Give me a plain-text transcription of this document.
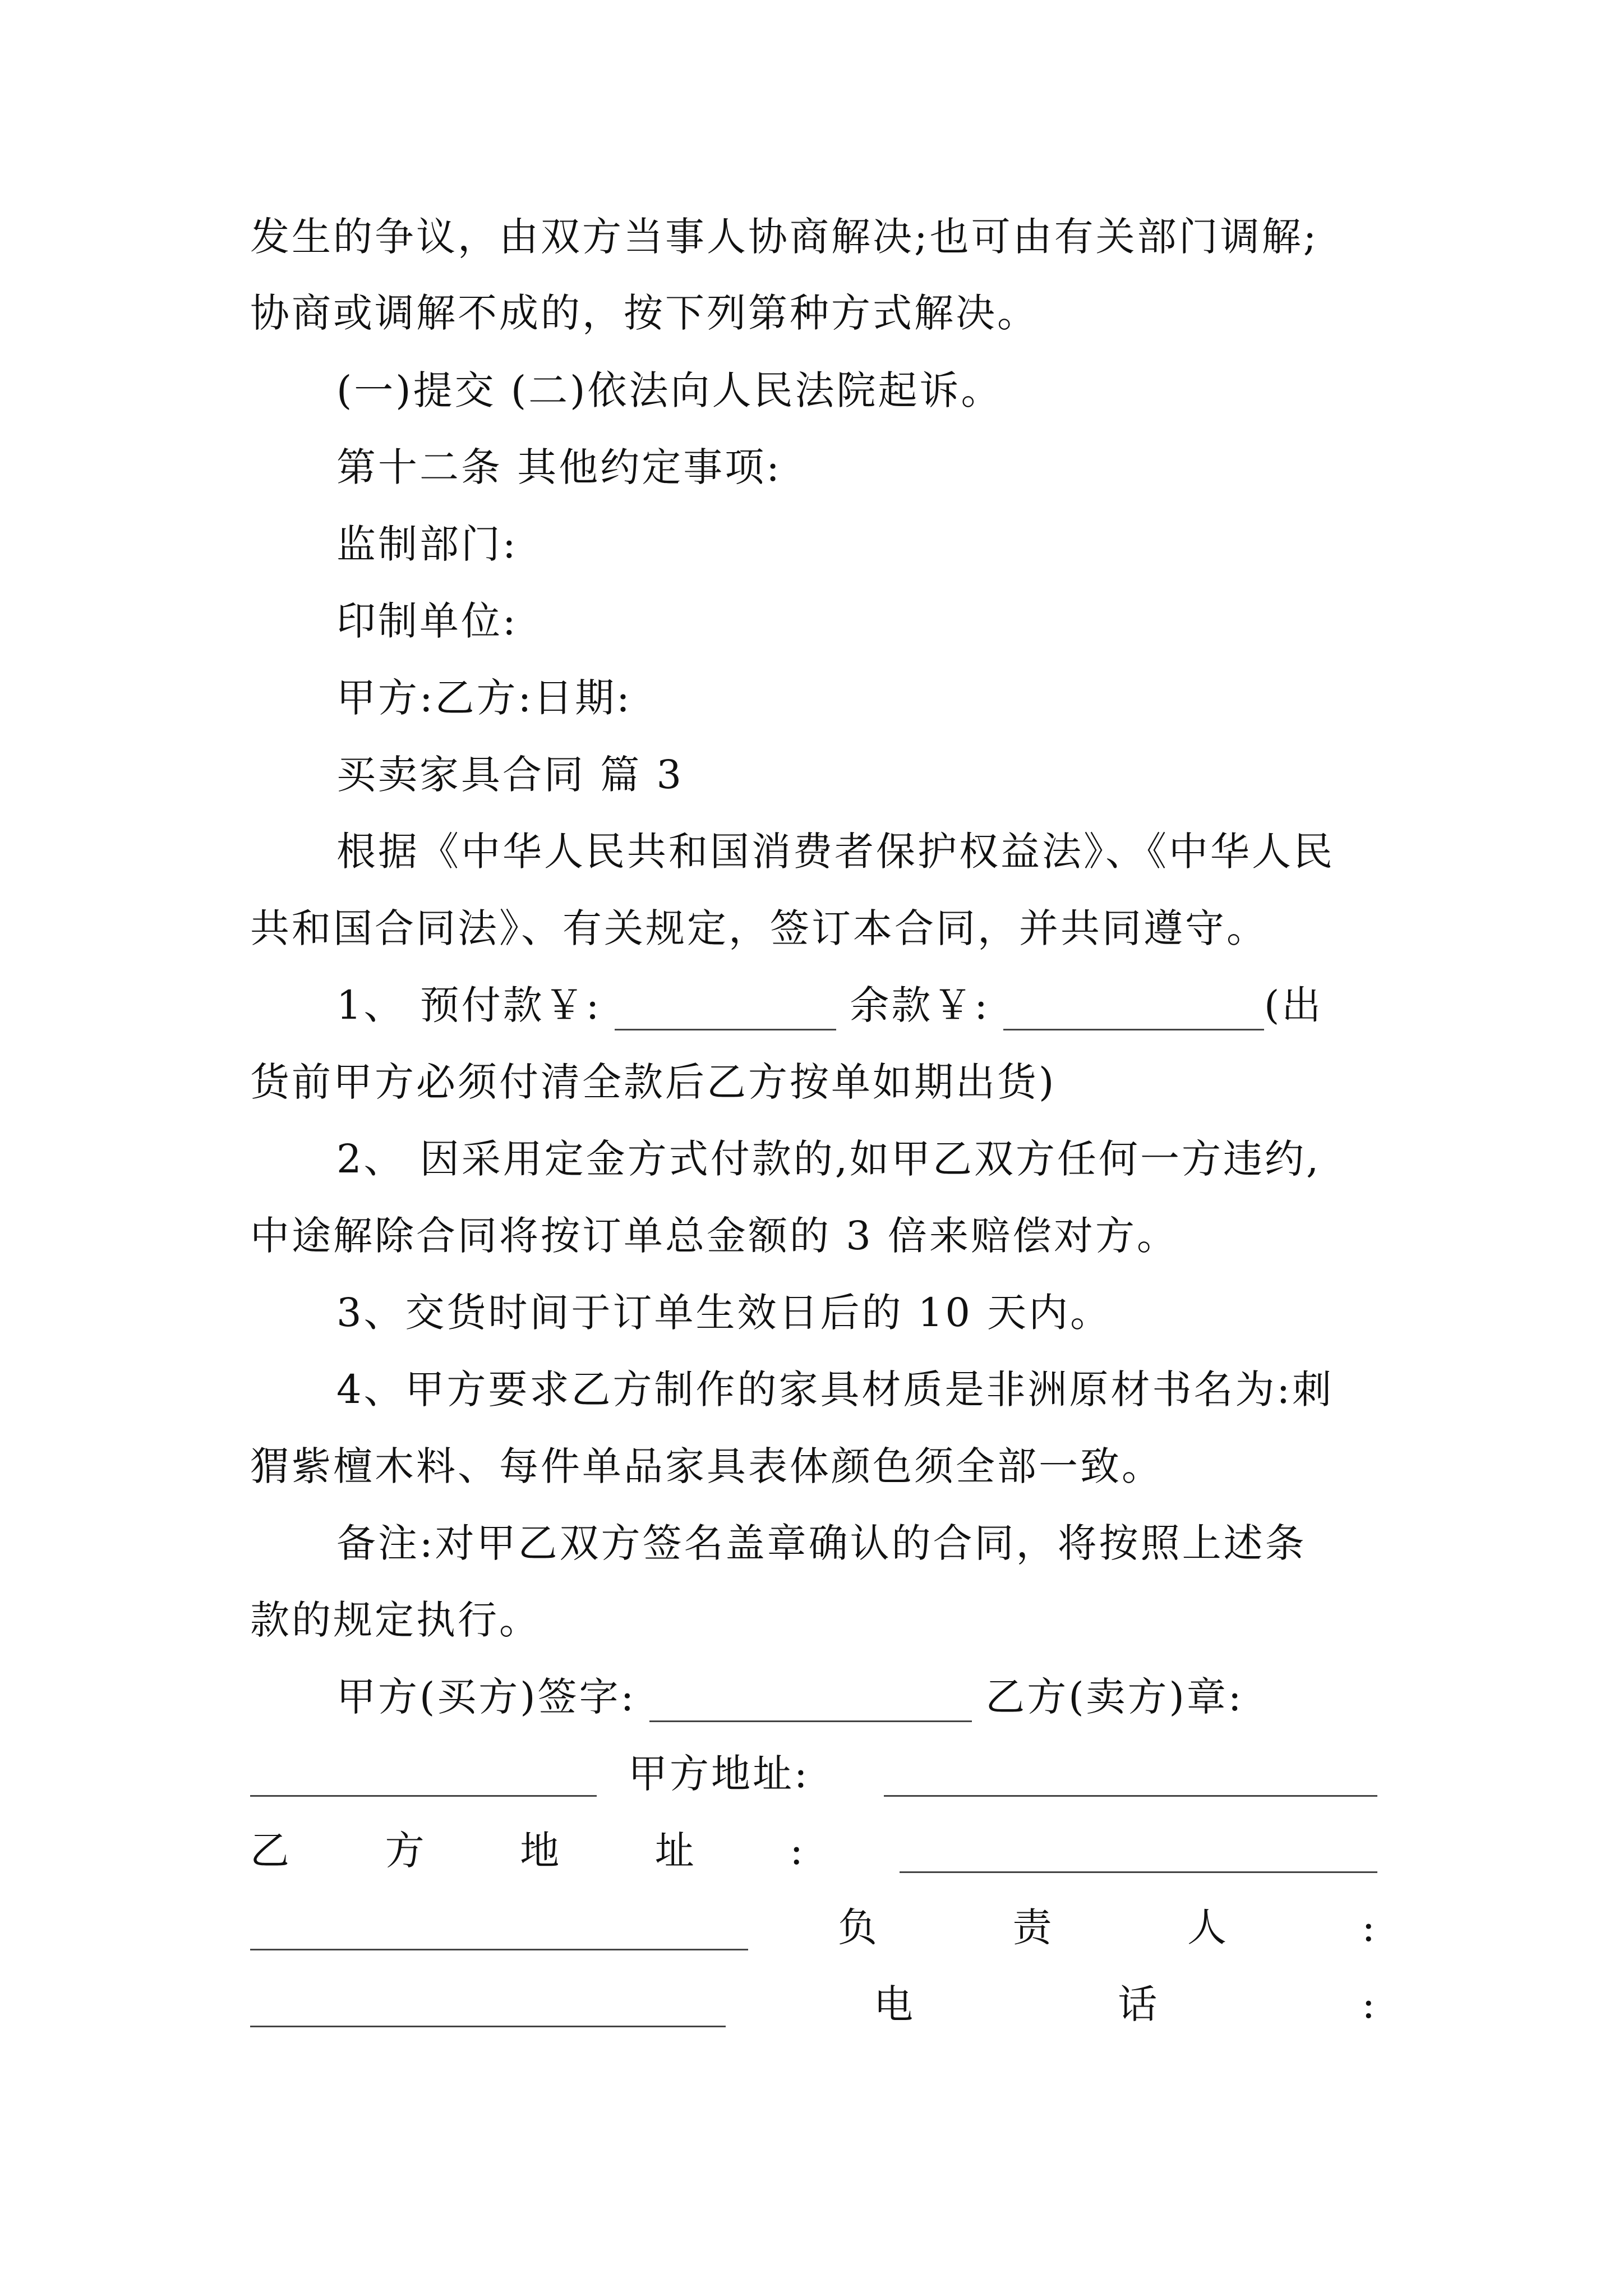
发生的争议，由双方当事人协商解决;也可由有关部门调解;
协商或调解不成的，按下列第种方式解决。
(一)提交 (二)依法向人民法院起诉。
第十二条 其他约定事项:
监制部门:
印制单位:
甲方:乙方:日期:
买卖家具合同 篇 3
根据《中华人民共和国消费者保护权益法》、《中华人民
共和国合同法》、有关规定，签订本合同，并共同遵守。
1、 预付款￥:	余款￥:	(出
货前甲方必须付清全款后乙方按单如期出货)
2、 因采用定金方式付款的,如甲乙双方任何一方违约,
中途解除合同将按订单总金额的 3 倍来赔偿对方。
3、交货时间于订单生效日后的 10 天内。
4、甲方要求乙方制作的家具材质是非洲原材书名为:刺
猬紫檀木料、每件单品家具表体颜色须全部一致。
备注:对甲乙双方签名盖章确认的合同，将按照上述条
款的规定执行。
甲方(买方)签字:	乙方(卖方)章:
甲方地址:
乙 方 地 址 :
负	责	人	:
电	话	:
